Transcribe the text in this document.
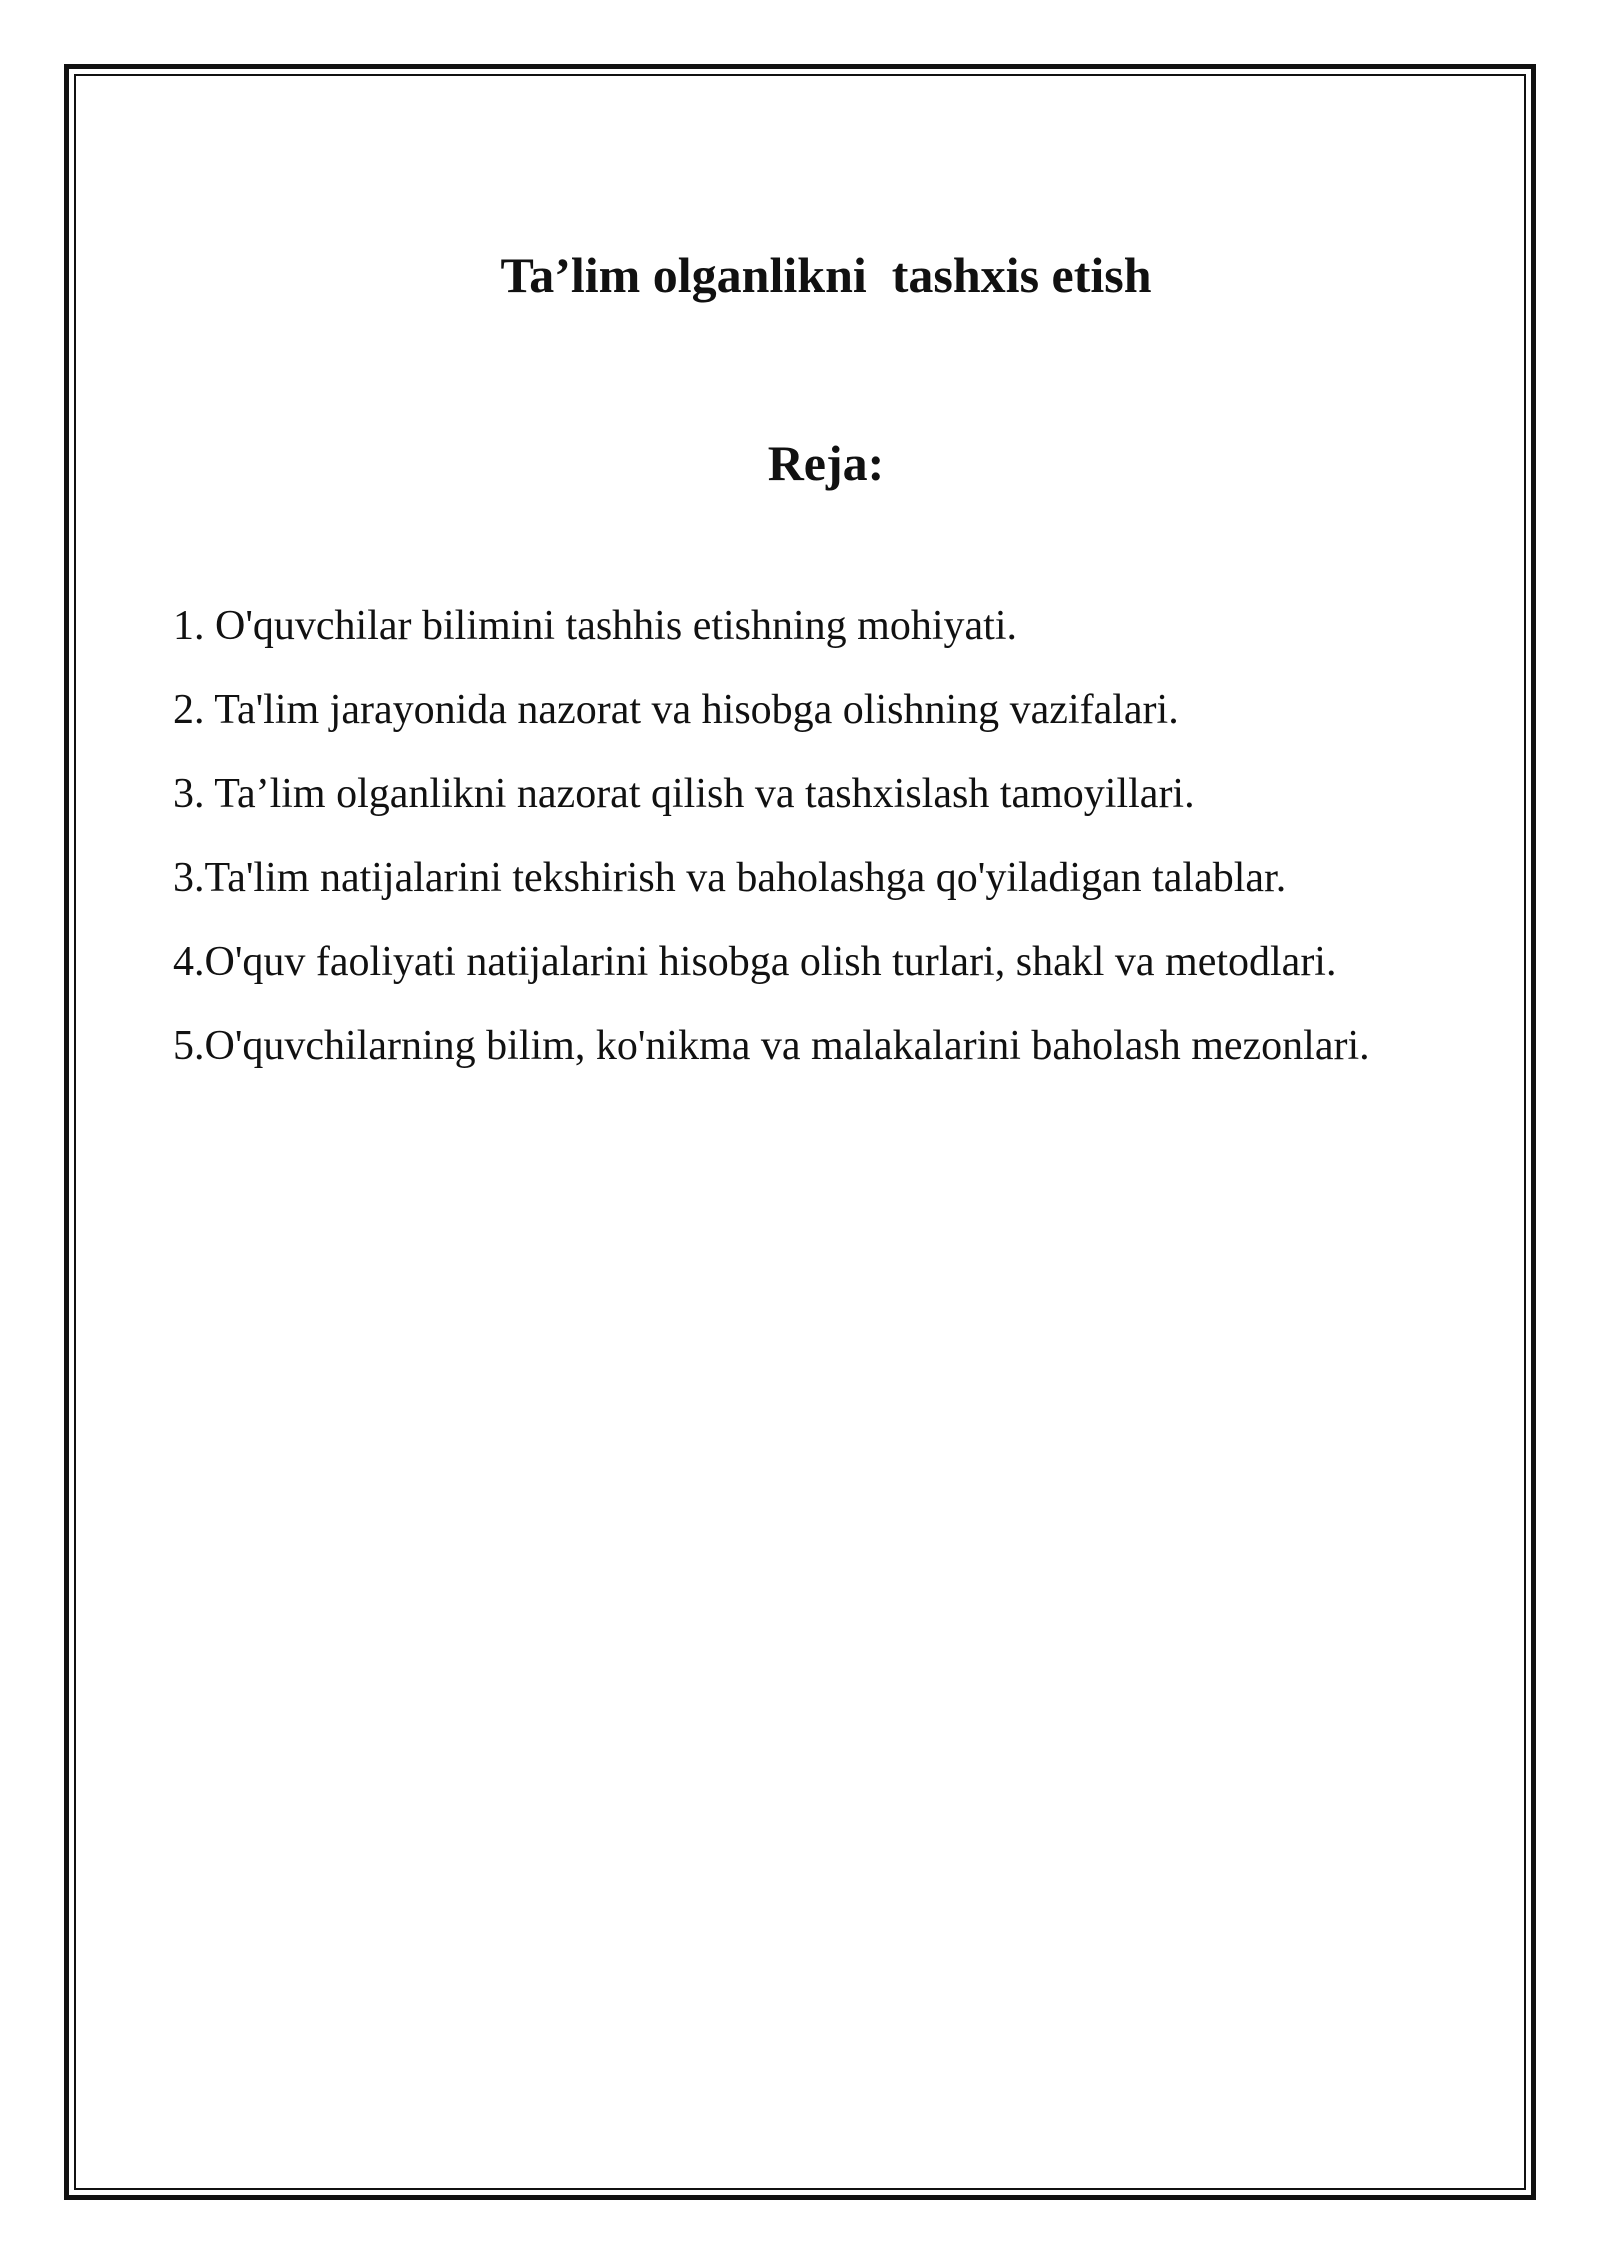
Ta’lim olganlikni  tashxis etish
Reja:
1. O'quvchilar bilimini tashhis etishning mohiyati.
2. Ta'lim jarayonida nazorat va hisobga olishning vazifalari.
3. Ta’lim olganlikni nazorat qilish va tashxislash tamoyillari.
3.Ta'lim natijalarini tekshirish va baholashga qo'yiladigan talablar.
4.O'quv faoliyati natijalarini hisobga olish turlari, shakl va metodlari.
5.O'quvchilarning bilim, ko'nikma va malakalarini baholash mezonlari.
